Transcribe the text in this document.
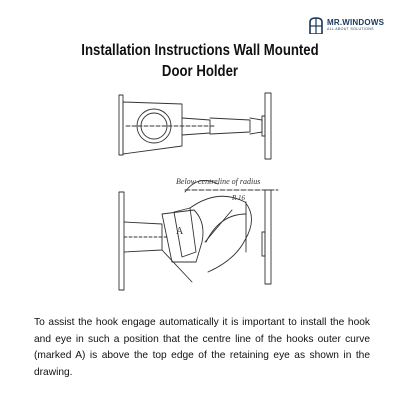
MR.WINDOWS
ALL ABOUT SOLUTIONS
Installation Instructions Wall Mounted
Door Holder
Below centreline of radius
R 16
A

To assist the hook engage automatically it is important to install the hook and eye in such a position that the centre line of the hooks outer curve (marked A) is above the top edge of the retaining eye as shown in the drawing.
